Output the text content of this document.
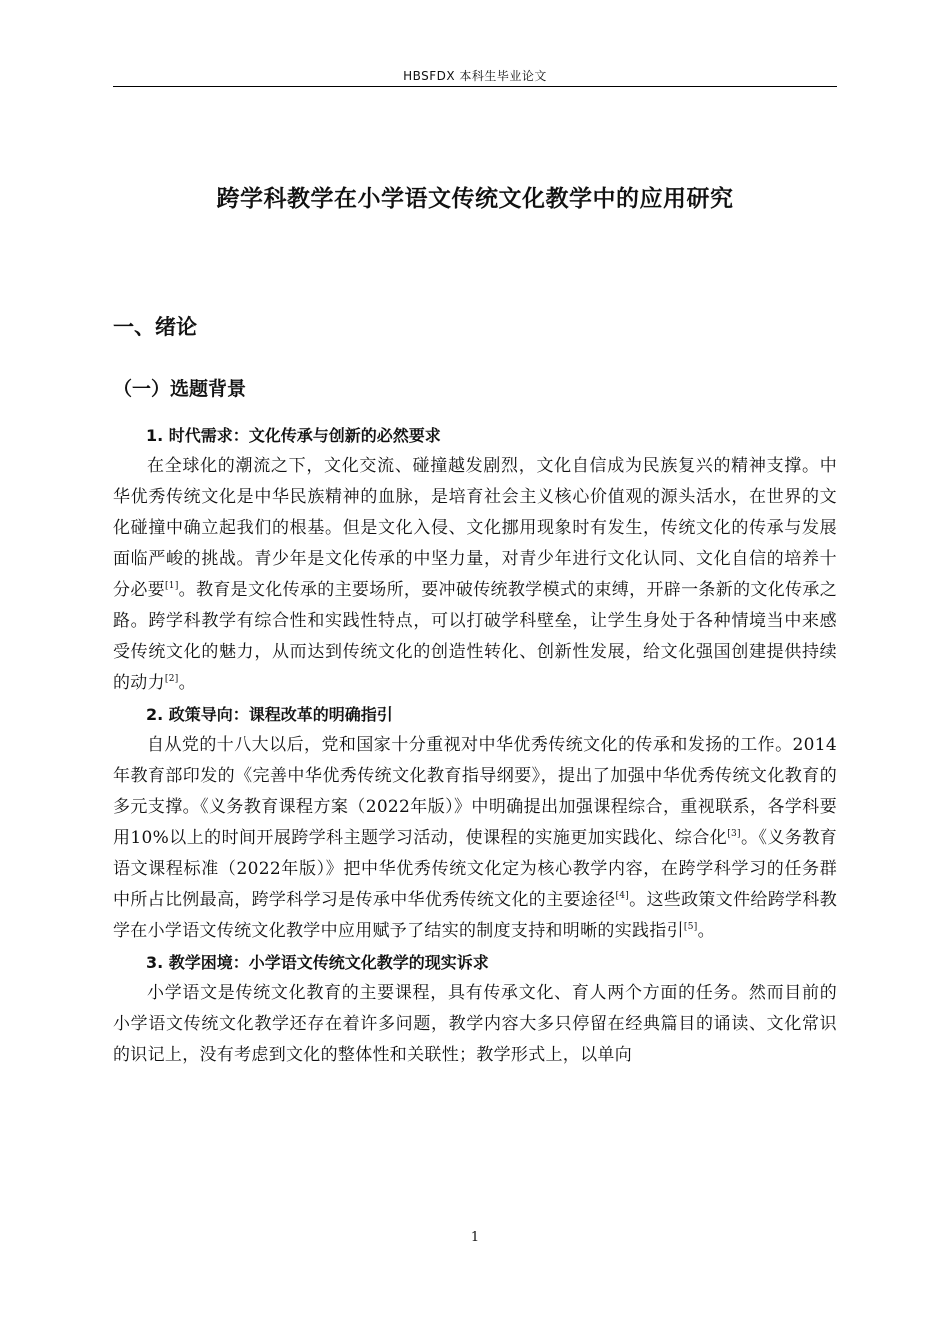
HBSFDX 本科生毕业论文
跨学科教学在小学语文传统文化教学中的应用研究
一、绪论
（一）选题背景
1. 时代需求：文化传承与创新的必然要求

在全球化的潮流之下，文化交流、碰撞越发剧烈，文化自信成为民族复兴的精神支撑。中华优秀传统文化是中华民族精神的血脉，是培育社会主义核心价值观的源头活水，在世界的文化碰撞中确立起我们的根基。但是文化入侵、文化挪用现象时有发生，传统文化的传承与发展面临严峻的挑战。青少年是文化传承的中坚力量，对青少年进行文化认同、文化自信的培养十分必要[1]。教育是文化传承的主要场所，要冲破传统教学模式的束缚，开辟一条新的文化传承之路。跨学科教学有综合性和实践性特点，可以打破学科壁垒，让学生身处于各种情境当中来感受传统文化的魅力，从而达到传统文化的创造性转化、创新性发展，给文化强国创建提供持续的动力[2]。

2. 政策导向：课程改革的明确指引

自从党的十八大以后，党和国家十分重视对中华优秀传统文化的传承和发扬的工作。2014年教育部印发的《完善中华优秀传统文化教育指导纲要》，提出了加强中华优秀传统文化教育的多元支撑。《义务教育课程方案（2022年版）》中明确提出加强课程综合，重视联系，各学科要用10%以上的时间开展跨学科主题学习活动，使课程的实施更加实践化、综合化[3]。《义务教育语文课程标准（2022年版）》把中华优秀传统文化定为核心教学内容，在跨学科学习的任务群中所占比例最高，跨学科学习是传承中华优秀传统文化的主要途径[4]。这些政策文件给跨学科教学在小学语文传统文化教学中应用赋予了结实的制度支持和明晰的实践指引[5]。

3. 教学困境：小学语文传统文化教学的现实诉求

小学语文是传统文化教育的主要课程，具有传承文化、育人两个方面的任务。然而目前的小学语文传统文化教学还存在着许多问题，教学内容大多只停留在经典篇目的诵读、文化常识的识记上，没有考虑到文化的整体性和关联性；教学形式上，以单向

1
